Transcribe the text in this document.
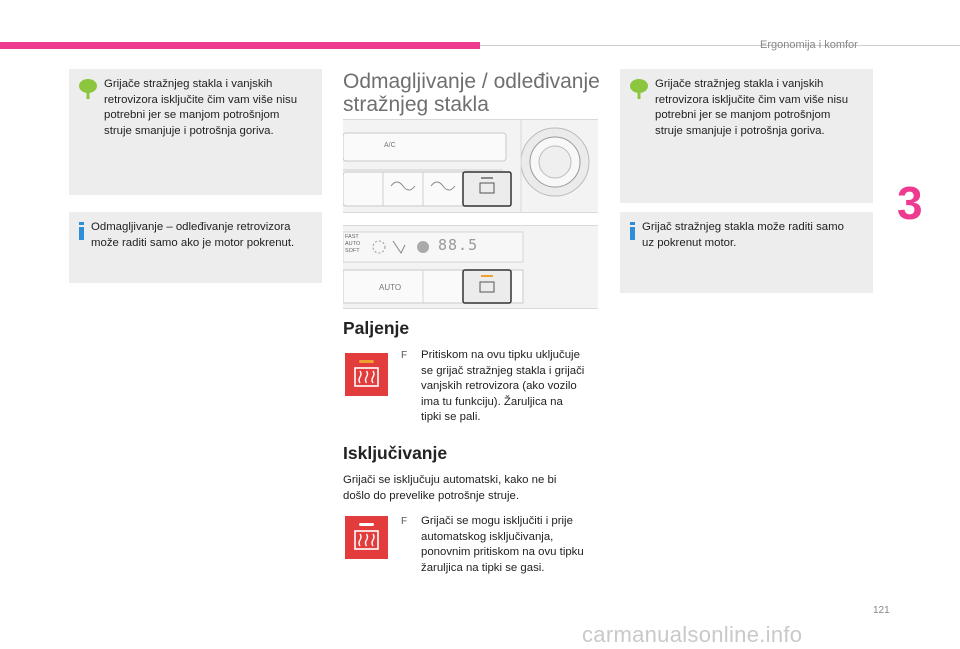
Ergonomija i komfor
3
121
carmanualsonline.info
Grijače stražnjeg stakla i vanjskih
retrovizora isključite čim vam više nisu
potrebni jer se manjom potrošnjom
struje smanjuje i potrošnja goriva.
Odmagljivanje – odleđivanje retrovizora
može raditi samo ako je motor pokrenut.
Odmagljivanje / odleđivanje
stražnjeg stakla
A/C
FAST
AUTO
SOFT	88.5
AUTO
Paljenje
F Pritiskom na ovu tipku uključuje
se grijač stražnjeg stakla i grijači
vanjskih retrovizora (ako vozilo
ima tu funkciju). Žaruljica na
tipki se pali.
Isključivanje
Grijači se isključuju automatski, kako ne bi
došlo do prevelike potrošnje struje.
F Grijači se mogu isključiti i prije
automatskog isključivanja,
ponovnim pritiskom na ovu tipku
žaruljica na tipki se gasi.
Grijače stražnjeg stakla i vanjskih
retrovizora isključite čim vam više nisu
potrebni jer se manjom potrošnjom
struje smanjuje i potrošnja goriva.
Grijač stražnjeg stakla može raditi samo
uz pokrenut motor.
